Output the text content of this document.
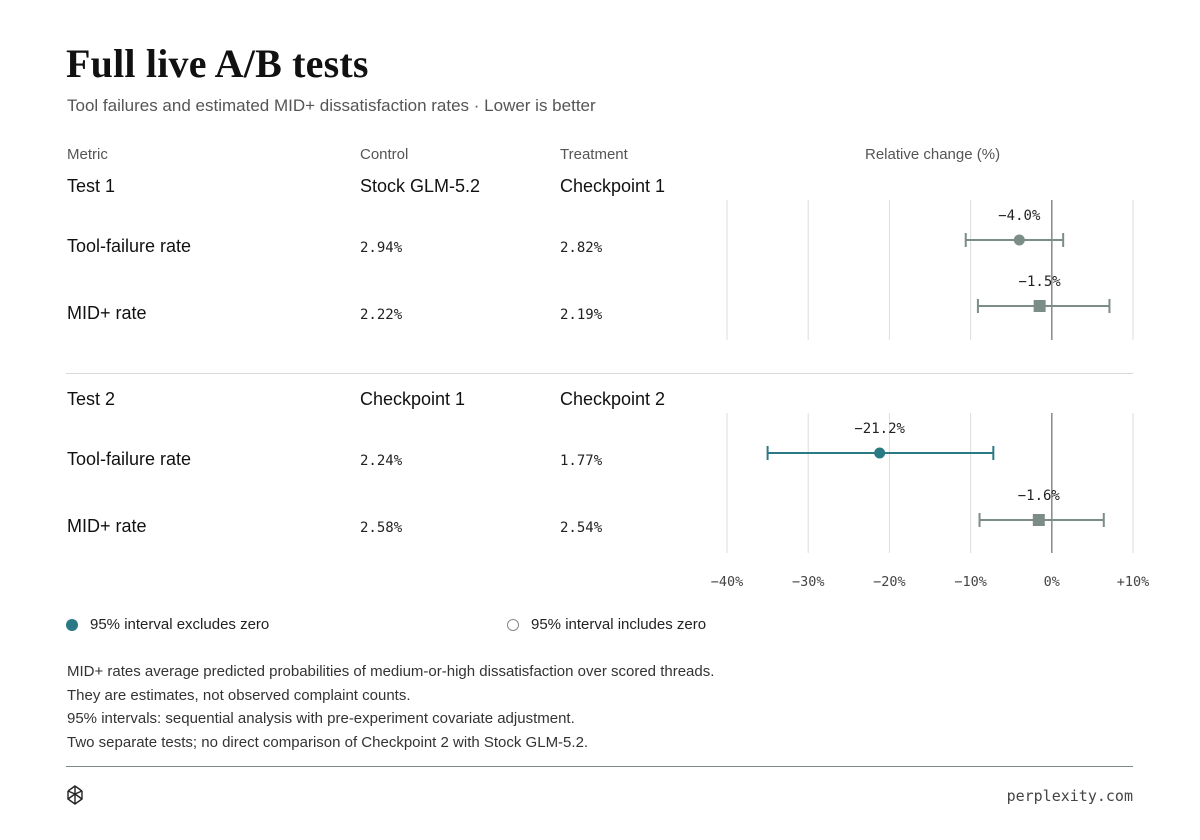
Full live A/B tests
Tool failures and estimated MID+ dissatisfaction rates · Lower is better
Metric	Control	Treatment	Relative change (%)
Test 1	Stock GLM-5.2	Checkpoint 1
Tool-failure rate	2.94%	2.82%
MID+ rate	2.22%	2.19%
Test 2	Checkpoint 1	Checkpoint 2
Tool-failure rate	2.24%	1.77%
MID+ rate	2.58%	2.54%
−40%	−30%	−20%	−10%	0%	+10%
−4.0%
−1.5%
−21.2%
−1.6%
95% interval excludes zero	95% interval includes zero
MID+ rates average predicted probabilities of medium-or-high dissatisfaction over scored threads.
They are estimates, not observed complaint counts.
95% intervals: sequential analysis with pre-experiment covariate adjustment.
Two separate tests; no direct comparison of Checkpoint 2 with Stock GLM-5.2.
perplexity.com
